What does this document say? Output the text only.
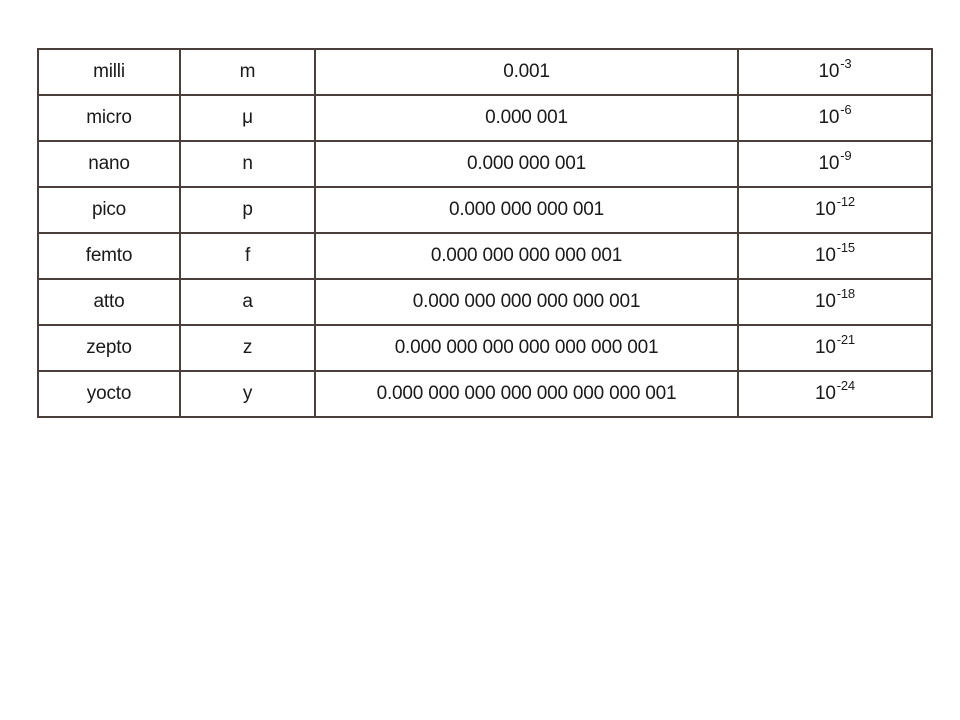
milli	m	0.001	$10^{-3}$
micro	μ	0.000 001	$10^{-6}$
nano	n	0.000 000 001	$10^{-9}$
pico	p	0.000 000 000 001	$10^{-12}$
femto	f	0.000 000 000 000 001	$10^{-15}$
atto	a	0.000 000 000 000 000 001	$10^{-18}$
zepto	z	0.000 000 000 000 000 000 001	$10^{-21}$
yocto	y	0.000 000 000 000 000 000 000 001	$10^{-24}$
